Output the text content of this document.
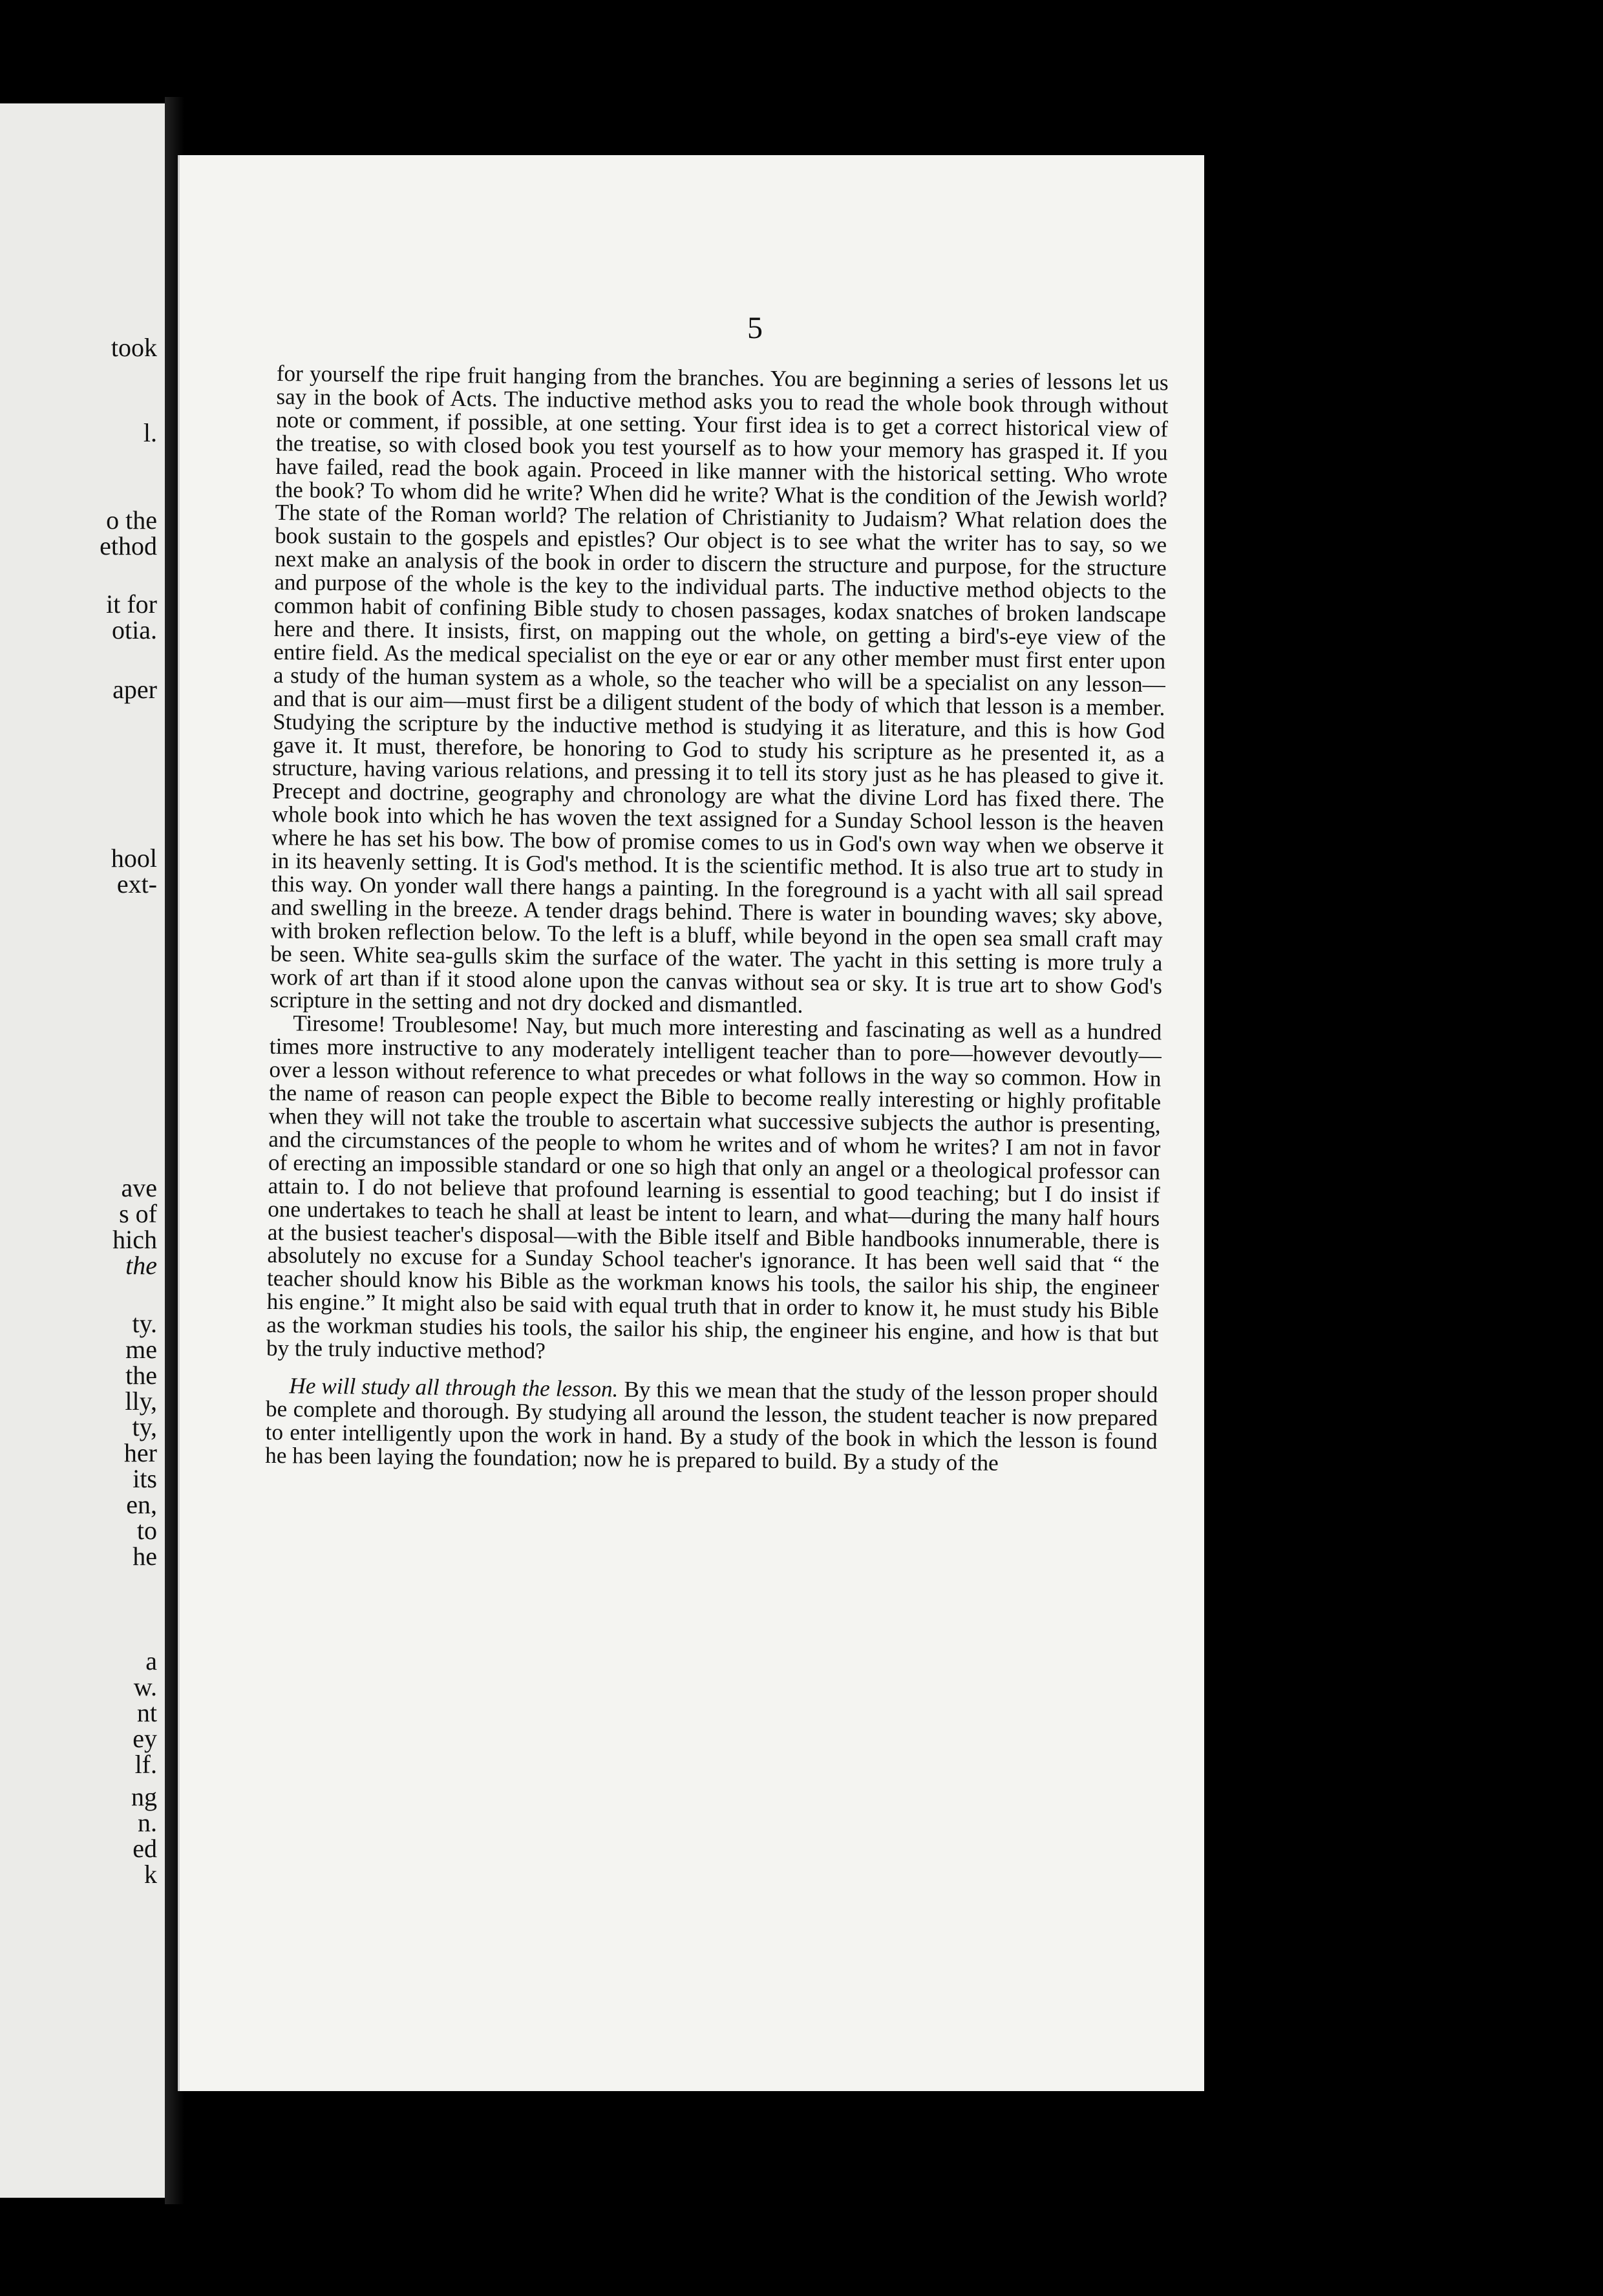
took
l.
o the
ethod
it for
otia.
aper
hool
ext-
ave
s of
hich
the
ty.
me
the
lly,
ty,
her
its
en,
to
he
a
w.
nt
ey
lf.
ng
n.
ed
k
5

for yourself the ripe fruit hanging from the branches. You are beginning a series of lessons let us say in the book of Acts. The inductive method asks you to read the whole book through without note or comment, if possible, at one setting. Your first idea is to get a correct historical view of the treatise, so with closed book you test yourself as to how your memory has grasped it. If you have failed, read the book again. Proceed in like manner with the historical setting. Who wrote the book? To whom did he write? When did he write? What is the condition of the Jewish world? The state of the Roman world? The relation of Christianity to Judaism? What relation does the book sustain to the gospels and epistles? Our object is to see what the writer has to say, so we next make an analysis of the book in order to discern the structure and purpose, for the structure and purpose of the whole is the key to the individual parts. The inductive method objects to the common habit of confining Bible study to chosen passages, kodax snatches of broken landscape here and there. It insists, first, on mapping out the whole, on getting a bird's-eye view of the entire field. As the medical specialist on the eye or ear or any other member must first enter upon a study of the human system as a whole, so the teacher who will be a specialist on any lesson—and that is our aim—must first be a diligent student of the body of which that lesson is a member. Studying the scripture by the inductive method is studying it as literature, and this is how God gave it. It must, therefore, be honoring to God to study his scripture as he presented it, as a structure, having various relations, and pressing it to tell its story just as he has pleased to give it. Precept and doctrine, geography and chronology are what the divine Lord has fixed there. The whole book into which he has woven the text assigned for a Sunday School lesson is the heaven where he has set his bow. The bow of promise comes to us in God's own way when we observe it in its heavenly setting. It is God's method. It is the scientific method. It is also true art to study in this way. On yonder wall there hangs a painting. In the foreground is a yacht with all sail spread and swelling in the breeze. A tender drags behind. There is water in bounding waves; sky above, with broken reflection below. To the left is a bluff, while beyond in the open sea small craft may be seen. White sea-gulls skim the surface of the water. The yacht in this setting is more truly a work of art than if it stood alone upon the canvas without sea or sky. It is true art to show God's scripture in the setting and not dry docked and dismantled.

Tiresome! Troublesome! Nay, but much more interesting and fascinating as well as a hundred times more instructive to any moderately intelligent teacher than to pore—however devoutly—over a lesson without reference to what precedes or what follows in the way so common. How in the name of reason can people expect the Bible to become really interesting or highly profitable when they will not take the trouble to ascertain what successive subjects the author is presenting, and the circumstances of the people to whom he writes and of whom he writes? I am not in favor of erecting an impossible standard or one so high that only an angel or a theological professor can attain to. I do not believe that profound learning is essential to good teaching; but I do insist if one undertakes to teach he shall at least be intent to learn, and what—during the many half hours at the busiest teacher's disposal—with the Bible itself and Bible handbooks innumerable, there is absolutely no excuse for a Sunday School teacher's ignorance. It has been well said that “ the teacher should know his Bible as the workman knows his tools, the sailor his ship, the engineer his engine.” It might also be said with equal truth that in order to know it, he must study his Bible as the workman studies his tools, the sailor his ship, the engineer his engine, and how is that but by the truly inductive method?

He will study all through the lesson. By this we mean that the study of the lesson proper should be complete and thorough. By studying all around the lesson, the student teacher is now prepared to enter intelligently upon the work in hand. By a study of the book in which the lesson is found he has been laying the foundation; now he is prepared to build. By a study of the
